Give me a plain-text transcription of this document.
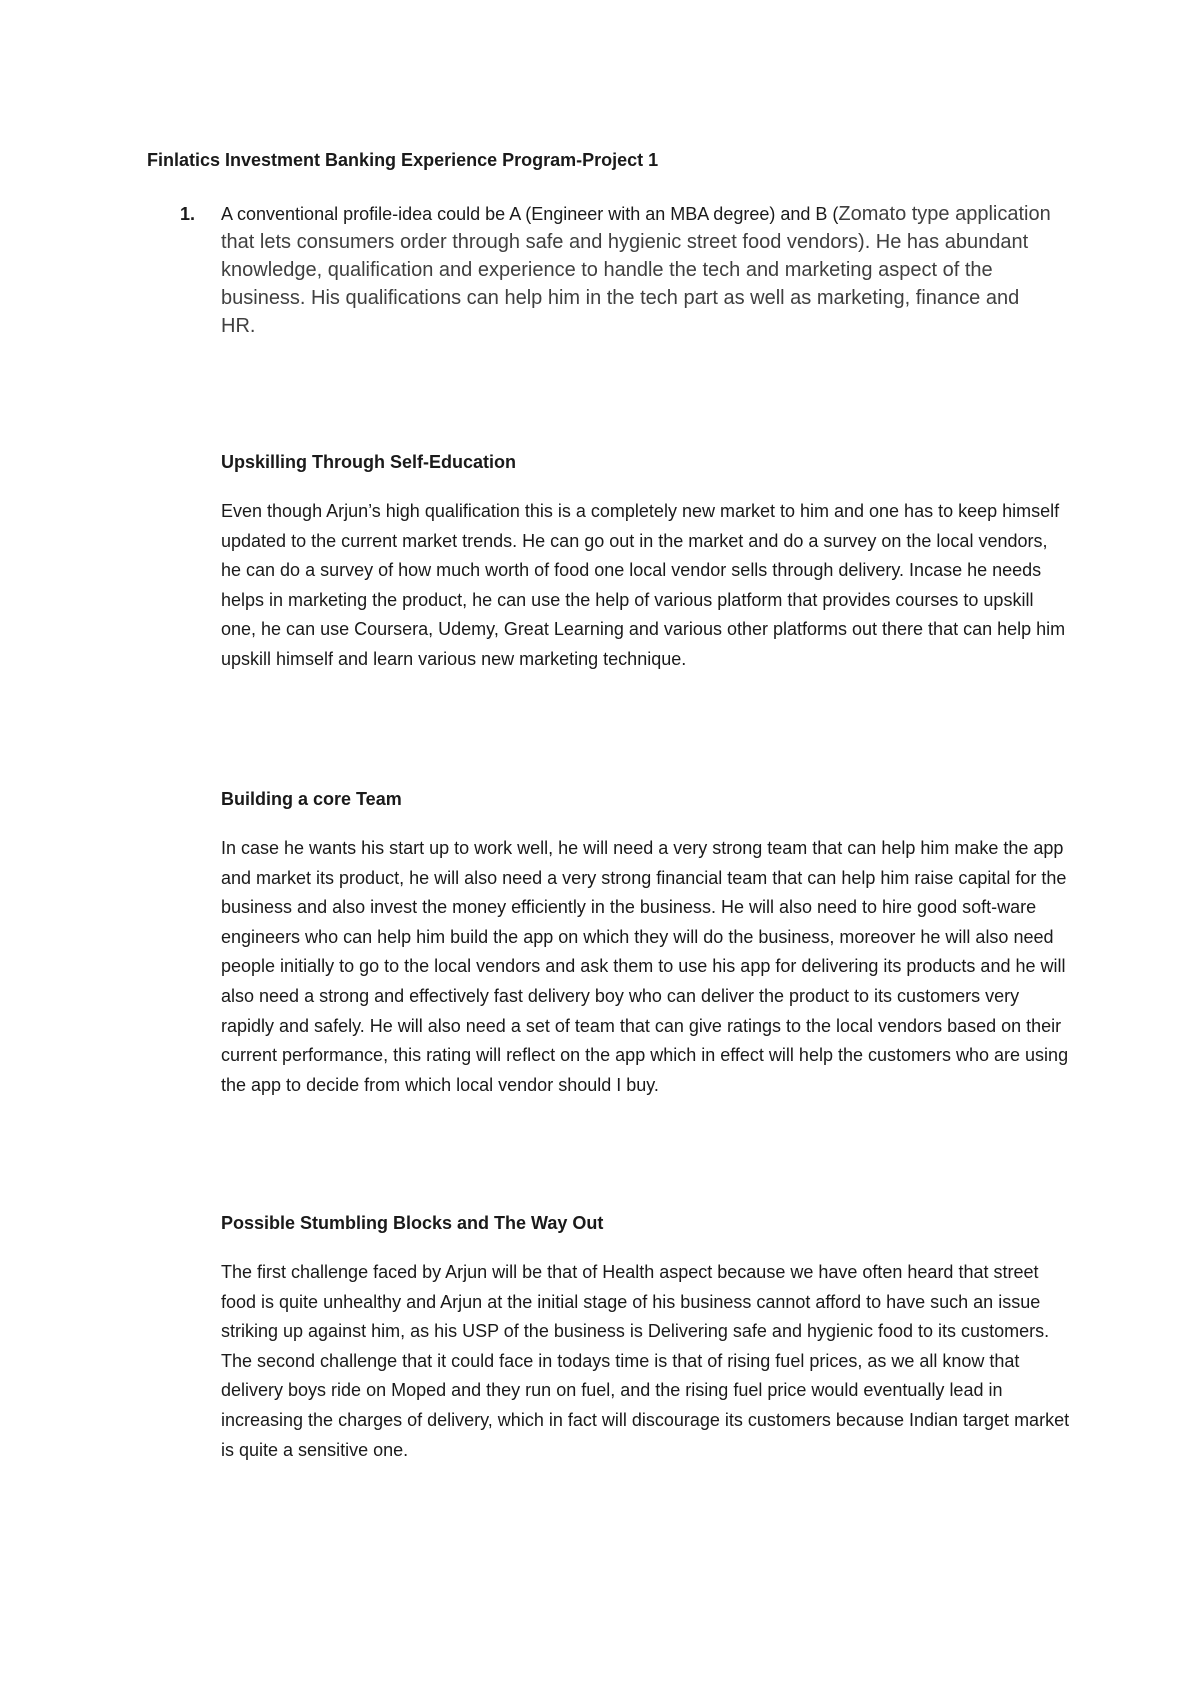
Finlatics Investment Banking Experience Program-Project 1
1. A conventional profile-idea could be A (Engineer with an MBA degree) and B (Zomato type application that lets consumers order through safe and hygienic street food vendors). He has abundant knowledge, qualification and experience to handle the tech and marketing aspect of the business. His qualifications can help him in the tech part as well as marketing, finance and HR.
Upskilling Through Self-Education

Even though Arjun’s high qualification this is a completely new market to him and one has to keep himself updated to the current market trends. He can go out in the market and do a survey on the local vendors, he can do a survey of how much worth of food one local vendor sells through delivery. Incase he needs helps in marketing the product, he can use the help of various platform that provides courses to upskill one, he can use Coursera, Udemy, Great Learning and various other platforms out there that can help him upskill himself and learn various new marketing technique.

Building a core Team

In case he wants his start up to work well, he will need a very strong team that can help him make the app and market its product, he will also need a very strong financial team that can help him raise capital for the business and also invest the money efficiently in the business. He will also need to hire good soft-ware engineers who can help him build the app on which they will do the business, moreover he will also need people initially to go to the local vendors and ask them to use his app for delivering its products and he will also need a strong and effectively fast delivery boy who can deliver the product to its customers very rapidly and safely. He will also need a set of team that can give ratings to the local vendors based on their current performance, this rating will reflect on the app which in effect will help the customers who are using the app to decide from which local vendor should I buy.

Possible Stumbling Blocks and The Way Out

The first challenge faced by Arjun will be that of Health aspect because we have often heard that street food is quite unhealthy and Arjun at the initial stage of his business cannot afford to have such an issue striking up against him, as his USP of the business is Delivering safe and hygienic food to its customers. The second challenge that it could face in todays time is that of rising fuel prices, as we all know that delivery boys ride on Moped and they run on fuel, and the rising fuel price would eventually lead in increasing the charges of delivery, which in fact will discourage its customers because Indian target market is quite a sensitive one.
